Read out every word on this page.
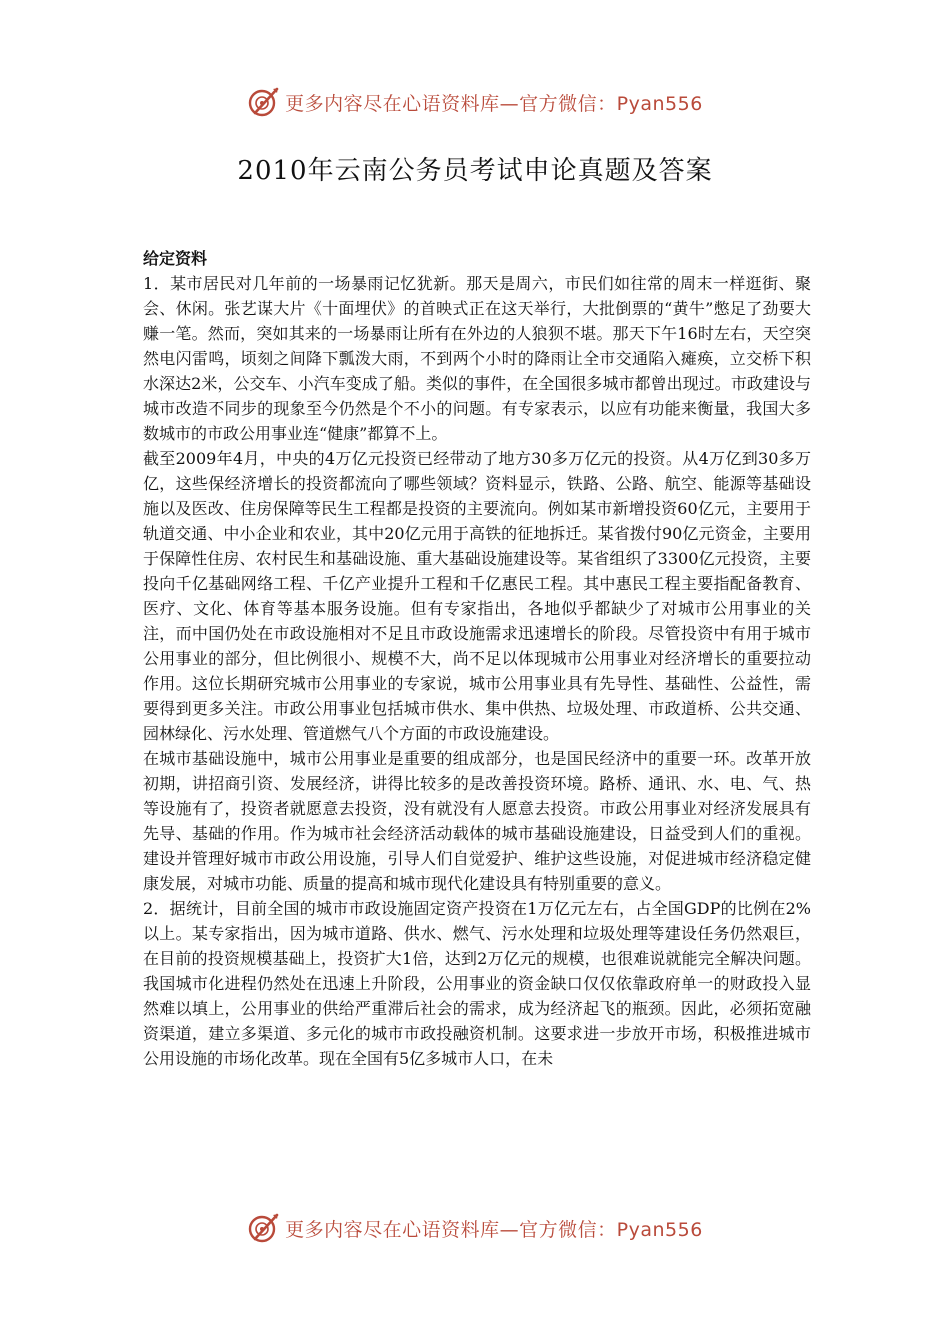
更多内容尽在心语资料库—官方微信：Pyan556
2010年云南公务员考试申论真题及答案

给定资料

1．某市居民对几年前的一场暴雨记忆犹新。那天是周六，市民们如往常的周末一样逛街、聚会、休闲。张艺谋大片《十面埋伏》的首映式正在这天举行，大批倒票的“黄牛”憋足了劲要大赚一笔。然而，突如其来的一场暴雨让所有在外边的人狼狈不堪。那天下午16时左右，天空突然电闪雷鸣，顷刻之间降下瓢泼大雨，不到两个小时的降雨让全市交通陷入瘫痪，立交桥下积水深达2米，公交车、小汽车变成了船。类似的事件，在全国很多城市都曾出现过。市政建设与城市改造不同步的现象至今仍然是个不小的问题。有专家表示，以应有功能来衡量，我国大多数城市的市政公用事业连“健康”都算不上。

截至2009年4月，中央的4万亿元投资已经带动了地方30多万亿元的投资。从4万亿到30多万亿，这些保经济增长的投资都流向了哪些领域？资料显示，铁路、公路、航空、能源等基础设施以及医改、住房保障等民生工程都是投资的主要流向。例如某市新增投资60亿元，主要用于轨道交通、中小企业和农业，其中20亿元用于高铁的征地拆迁。某省拨付90亿元资金，主要用于保障性住房、农村民生和基础设施、重大基础设施建设等。某省组织了3300亿元投资，主要投向千亿基础网络工程、千亿产业提升工程和千亿惠民工程。其中惠民工程主要指配备教育、医疗、文化、体育等基本服务设施。但有专家指出，各地似乎都缺少了对城市公用事业的关注，而中国仍处在市政设施相对不足且市政设施需求迅速增长的阶段。尽管投资中有用于城市公用事业的部分，但比例很小、规模不大，尚不足以体现城市公用事业对经济增长的重要拉动作用。这位长期研究城市公用事业的专家说，城市公用事业具有先导性、基础性、公益性，需要得到更多关注。市政公用事业包括城市供水、集中供热、垃圾处理、市政道桥、公共交通、园林绿化、污水处理、管道燃气八个方面的市政设施建设。

在城市基础设施中，城市公用事业是重要的组成部分，也是国民经济中的重要一环。改革开放初期，讲招商引资、发展经济，讲得比较多的是改善投资环境。路桥、通讯、水、电、气、热等设施有了，投资者就愿意去投资，没有就没有人愿意去投资。市政公用事业对经济发展具有先导、基础的作用。作为城市社会经济活动载体的城市基础设施建设，日益受到人们的重视。建设并管理好城市市政公用设施，引导人们自觉爱护、维护这些设施，对促进城市经济稳定健康发展，对城市功能、质量的提高和城市现代化建设具有特别重要的意义。

2．据统计，目前全国的城市市政设施固定资产投资在1万亿元左右，占全国GDP的比例在2%以上。某专家指出，因为城市道路、供水、燃气、污水处理和垃圾处理等建设任务仍然艰巨，在目前的投资规模基础上，投资扩大1倍，达到2万亿元的规模，也很难说就能完全解决问题。我国城市化进程仍然处在迅速上升阶段，公用事业的资金缺口仅仅依靠政府单一的财政投入显然难以填上，公用事业的供给严重滞后社会的需求，成为经济起飞的瓶颈。因此，必须拓宽融资渠道，建立多渠道、多元化的城市市政投融资机制。这要求进一步放开市场，积极推进城市公用设施的市场化改革。现在全国有5亿多城市人口，在未

更多内容尽在心语资料库—官方微信：Pyan556
